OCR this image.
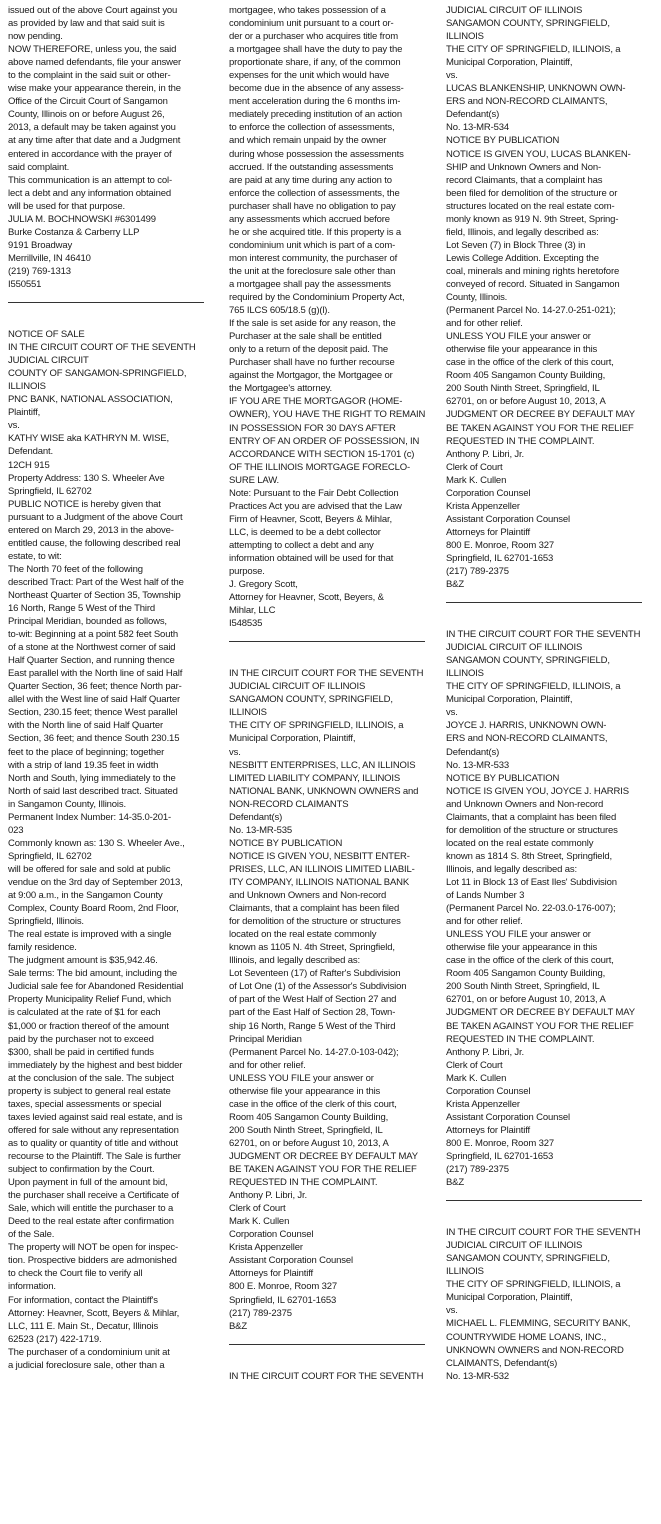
issued out of the above Court against you
as provided by law and that said suit is
now pending.
NOW THEREFORE, unless you, the said
above named defendants, file your answer
to the complaint in the said suit or other-
wise make your appearance therein, in the
Office of the Circuit Court of Sangamon
County, Illinois on or before August 26,
2013, a default may be taken against you
at any time after that date and a Judgment
entered in accordance with the prayer of
said complaint.
This communication is an attempt to col-
lect a debt and any information obtained
will be used for that purpose.
JULIA M. BOCHNOWSKI #6301499
Burke Costanza & Carberry LLP
9191 Broadway
Merrillville, IN 46410
(219) 769-1313
I550551
NOTICE OF SALE
IN THE CIRCUIT COURT OF THE SEVENTH
JUDICIAL CIRCUIT
COUNTY OF SANGAMON-SPRINGFIELD,
ILLINOIS
PNC BANK, NATIONAL ASSOCIATION,
Plaintiff,
vs.
KATHY WISE aka KATHRYN M. WISE,
Defendant.
12CH 915
Property Address: 130 S. Wheeler Ave
Springfield, IL 62702
PUBLIC NOTICE is hereby given that
pursuant to a Judgment of the above Court
entered on March 29, 2013 in the above-
entitled cause, the following described real
estate, to wit:
The North 70 feet of the following
described Tract: Part of the West half of the
Northeast Quarter of Section 35, Township
16 North, Range 5 West of the Third
Principal Meridian, bounded as follows,
to-wit: Beginning at a point 582 feet South
of a stone at the Northwest corner of said
Half Quarter Section, and running thence
East parallel with the North line of said Half
Quarter Section, 36 feet; thence North par-
allel with the West line of said Half Quarter
Section, 230.15 feet; thence West parallel
with the North line of said Half Quarter
Section, 36 feet; and thence South 230.15
feet to the place of beginning; together
with a strip of land 19.35 feet in width
North and South, lying immediately to the
North of said last described tract. Situated
in Sangamon County, Illinois.
Permanent Index Number: 14-35.0-201-
023
Commonly known as: 130 S. Wheeler Ave.,
Springfield, IL 62702
will be offered for sale and sold at public
vendue on the 3rd day of September 2013,
at 9:00 a.m., in the Sangamon County
Complex, County Board Room, 2nd Floor,
Springfield, Illinois.
The real estate is improved with a single
family residence.
The judgment amount is $35,942.46.
Sale terms: The bid amount, including the
Judicial sale fee for Abandoned Residential
Property Municipality Relief Fund, which
is calculated at the rate of $1 for each
$1,000 or fraction thereof of the amount
paid by the purchaser not to exceed
$300, shall be paid in certified funds
immediately by the highest and best bidder
at the conclusion of the sale. The subject
property is subject to general real estate
taxes, special assessments or special
taxes levied against said real estate, and is
offered for sale without any representation
as to quality or quantity of title and without
recourse to the Plaintiff. The Sale is further
subject to confirmation by the Court.
Upon payment in full of the amount bid,
the purchaser shall receive a Certificate of
Sale, which will entitle the purchaser to a
Deed to the real estate after confirmation
of the Sale.
The property will NOT be open for inspec-
tion. Prospective bidders are admonished
to check the Court file to verify all
information.
For information, contact the Plaintiff's
Attorney: Heavner, Scott, Beyers & Mihlar,
LLC, 111 E. Main St., Decatur, Illinois
62523 (217) 422-1719.
The purchaser of a condominium unit at
a judicial foreclosure sale, other than a
mortgagee, who takes possession of a
condominium unit pursuant to a court or-
der or a purchaser who acquires title from
a mortgagee shall have the duty to pay the
proportionate share, if any, of the common
expenses for the unit which would have
become due in the absence of any assess-
ment acceleration during the 6 months im-
mediately preceding institution of an action
to enforce the collection of assessments,
and which remain unpaid by the owner
during whose possession the assessments
accrued. If the outstanding assessments
are paid at any time during any action to
enforce the collection of assessments, the
purchaser shall have no obligation to pay
any assessments which accrued before
he or she acquired title. If this property is a
condominium unit which is part of a com-
mon interest community, the purchaser of
the unit at the foreclosure sale other than
a mortgagee shall pay the assessments
required by the Condominium Property Act,
765 ILCS 605/18.5 (g)(l).
If the sale is set aside for any reason, the
Purchaser at the sale shall be entitled
only to a return of the deposit paid. The
Purchaser shall have no further recourse
against the Mortgagor, the Mortgagee or
the Mortgagee's attorney.
IF YOU ARE THE MORTGAGOR (HOME-
OWNER), YOU HAVE THE RIGHT TO REMAIN
IN POSSESSION FOR 30 DAYS AFTER
ENTRY OF AN ORDER OF POSSESSION, IN
ACCORDANCE WITH SECTION 15-1701 (c)
OF THE ILLINOIS MORTGAGE FORECLO-
SURE LAW.
Note: Pursuant to the Fair Debt Collection
Practices Act you are advised that the Law
Firm of Heavner, Scott, Beyers & Mihlar,
LLC, is deemed to be a debt collector
attempting to collect a debt and any
information obtained will be used for that
purpose.
J. Gregory Scott,
Attorney for Heavner, Scott, Beyers, &
Mihlar, LLC
I548535
IN THE CIRCUIT COURT FOR THE SEVENTH
JUDICIAL CIRCUIT OF ILLINOIS
SANGAMON COUNTY, SPRINGFIELD,
ILLINOIS
THE CITY OF SPRINGFIELD, ILLINOIS, a
Municipal Corporation, Plaintiff,
vs.
NESBITT ENTERPRISES, LLC, AN ILLINOIS
LIMITED LIABILITY COMPANY, ILLINOIS
NATIONAL BANK, UNKNOWN OWNERS and
NON-RECORD CLAIMANTS
Defendant(s)
No. 13-MR-535
NOTICE BY PUBLICATION
NOTICE IS GIVEN YOU, NESBITT ENTER-
PRISES, LLC, AN ILLINOIS LIMITED LIABIL-
ITY COMPANY, ILLINOIS NATIONAL BANK
and Unknown Owners and Non-record
Claimants, that a complaint has been filed
for demolition of the structure or structures
located on the real estate commonly
known as 1105 N. 4th Street, Springfield,
Illinois, and legally described as:
Lot Seventeen (17) of Rafter's Subdivision
of Lot One (1) of the Assessor's Subdivision
of part of the West Half of Section 27 and
part of the East Half of Section 28, Town-
ship 16 North, Range 5 West of the Third
Principal Meridian
(Permanent Parcel No. 14-27.0-103-042);
and for other relief.
UNLESS YOU FILE your answer or
otherwise file your appearance in this
case in the office of the clerk of this court,
Room 405 Sangamon County Building,
200 South Ninth Street, Springfield, IL
62701, on or before August 10, 2013, A
JUDGMENT OR DECREE BY DEFAULT MAY
BE TAKEN AGAINST YOU FOR THE RELIEF
REQUESTED IN THE COMPLAINT.
Anthony P. Libri, Jr.
Clerk of Court
Mark K. Cullen
Corporation Counsel
Krista Appenzeller
Assistant Corporation Counsel
Attorneys for Plaintiff
800 E. Monroe, Room 327
Springfield, IL 62701-1653
(217) 789-2375
B&Z
IN THE CIRCUIT COURT FOR THE SEVENTH
JUDICIAL CIRCUIT OF ILLINOIS
SANGAMON COUNTY, SPRINGFIELD,
ILLINOIS
THE CITY OF SPRINGFIELD, ILLINOIS, a
Municipal Corporation, Plaintiff,
vs.
LUCAS BLANKENSHIP, UNKNOWN OWN-
ERS and NON-RECORD CLAIMANTS,
Defendant(s)
No. 13-MR-534
NOTICE BY PUBLICATION
NOTICE IS GIVEN YOU, LUCAS BLANKEN-
SHIP and Unknown Owners and Non-
record Claimants, that a complaint has
been filed for demolition of the structure or
structures located on the real estate com-
monly known as 919 N. 9th Street, Spring-
field, Illinois, and legally described as:
Lot Seven (7) in Block Three (3) in
Lewis College Addition. Excepting the
coal, minerals and mining rights heretofore
conveyed of record. Situated in Sangamon
County, Illinois.
(Permanent Parcel No. 14-27.0-251-021);
and for other relief.
UNLESS YOU FILE your answer or
otherwise file your appearance in this
case in the office of the clerk of this court,
Room 405 Sangamon County Building,
200 South Ninth Street, Springfield, IL
62701, on or before August 10, 2013, A
JUDGMENT OR DECREE BY DEFAULT MAY
BE TAKEN AGAINST YOU FOR THE RELIEF
REQUESTED IN THE COMPLAINT.
Anthony P. Libri, Jr.
Clerk of Court
Mark K. Cullen
Corporation Counsel
Krista Appenzeller
Assistant Corporation Counsel
Attorneys for Plaintiff
800 E. Monroe, Room 327
Springfield, IL 62701-1653
(217) 789-2375
B&Z
IN THE CIRCUIT COURT FOR THE SEVENTH
JUDICIAL CIRCUIT OF ILLINOIS
SANGAMON COUNTY, SPRINGFIELD,
ILLINOIS
THE CITY OF SPRINGFIELD, ILLINOIS, a
Municipal Corporation, Plaintiff,
vs.
JOYCE J. HARRIS, UNKNOWN OWN-
ERS and NON-RECORD CLAIMANTS,
Defendant(s)
No. 13-MR-533
NOTICE BY PUBLICATION
NOTICE IS GIVEN YOU, JOYCE J. HARRIS
and Unknown Owners and Non-record
Claimants, that a complaint has been filed
for demolition of the structure or structures
located on the real estate commonly
known as 1814 S. 8th Street, Springfield,
Illinois, and legally described as:
Lot 11 in Block 13 of East Iles' Subdivision
of Lands Number 3
(Permanent Parcel No. 22-03.0-176-007);
and for other relief.
UNLESS YOU FILE your answer or
otherwise file your appearance in this
case in the office of the clerk of this court,
Room 405 Sangamon County Building,
200 South Ninth Street, Springfield, IL
62701, on or before August 10, 2013, A
JUDGMENT OR DECREE BY DEFAULT MAY
BE TAKEN AGAINST YOU FOR THE RELIEF
REQUESTED IN THE COMPLAINT.
Anthony P. Libri, Jr.
Clerk of Court
Mark K. Cullen
Corporation Counsel
Krista Appenzeller
Assistant Corporation Counsel
Attorneys for Plaintiff
800 E. Monroe, Room 327
Springfield, IL 62701-1653
(217) 789-2375
B&Z
IN THE CIRCUIT COURT FOR THE SEVENTH
JUDICIAL CIRCUIT OF ILLINOIS
SANGAMON COUNTY, SPRINGFIELD,
ILLINOIS
THE CITY OF SPRINGFIELD, ILLINOIS, a
Municipal Corporation, Plaintiff,
vs.
MICHAEL L. FLEMMING, SECURITY BANK,
COUNTRYWIDE HOME LOANS, INC.,
UNKNOWN OWNERS and NON-RECORD
CLAIMANTS, Defendant(s)
No. 13-MR-532
